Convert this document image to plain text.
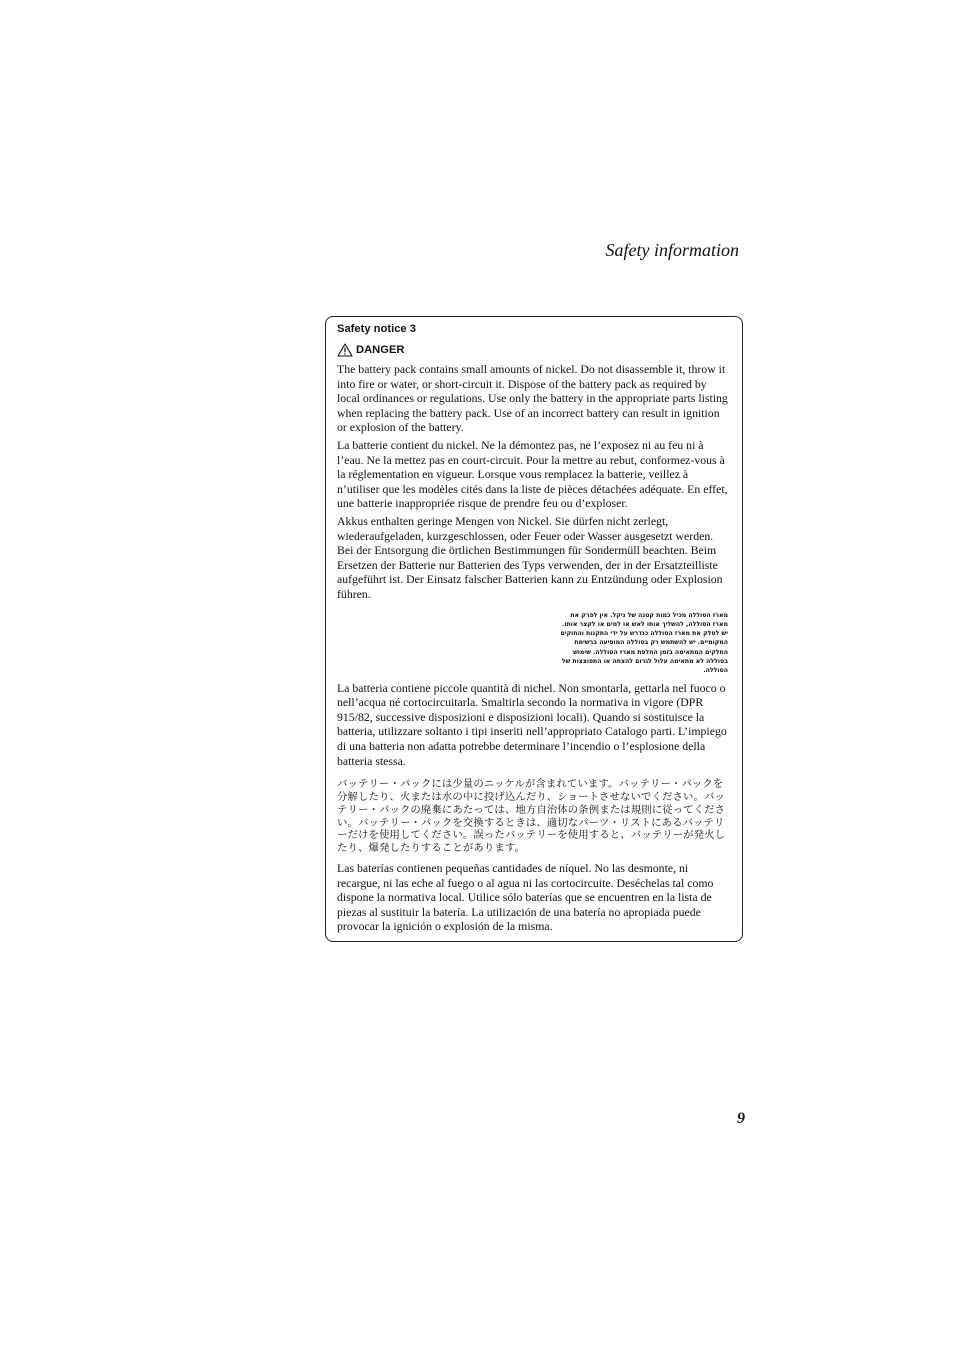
Safety information
Safety notice 3
DANGER

The battery pack contains small amounts of nickel. Do not disassemble it, throw it into fire or water, or short-circuit it. Dispose of the battery pack as required by local ordinances or regulations. Use only the battery in the appropriate parts listing when replacing the battery pack. Use of an incorrect battery can result in ignition or explosion of the battery.

La batterie contient du nickel. Ne la démontez pas, ne l’exposez ni au feu ni à l’eau. Ne la mettez pas en court-circuit. Pour la mettre au rebut, conformez-vous à la réglementation en vigueur. Lorsque vous remplacez la batterie, veillez à n’utiliser que les modèles cités dans la liste de pièces détachées adéquate. En effet, une batterie inappropriée risque de prendre feu ou d’exploser.

Akkus enthalten geringe Mengen von Nickel. Sie dürfen nicht zerlegt, wiederaufgeladen, kurzgeschlossen, oder Feuer oder Wasser ausgesetzt werden. Bei der Entsorgung die örtlichen Bestimmungen für Sondermüll beachten. Beim Ersetzen der Batterie nur Batterien des Typs verwenden, der in der Ersatzteilliste aufgeführt ist. Der Einsatz falscher Batterien kann zu Entzündung oder Explosion führen.

מארז הסוללה מכיל כמות קטנה של ניקל. אין לפרק את מארז הסוללה, להשליך אותו לאש או למים או לקצר אותו. יש לסלק את מארז הסוללה כנדרש על ידי התקנות והחוקים המקומיים. יש להשתמש רק בסוללה המופיעה ברשימת החלקים המתאימה בזמן החלפת מארז הסוללה. שימוש בסוללה לא מתאימה עלול לגרום להצתה או התפוצצות של הסוללה.

La batteria contiene piccole quantità di nichel. Non smontarla, gettarla nel fuoco o nell’acqua né cortocircuitarla. Smaltirla secondo la normativa in vigore (DPR 915/82, successive disposizioni e disposizioni locali). Quando si sostituisce la batteria, utilizzare soltanto i tipi inseriti nell’appropriato Catalogo parti. L’impiego di una batteria non adatta potrebbe determinare l’incendio o l’esplosione della batteria stessa.

バッテリー・パックには少量のニッケルが含まれています。バッテリー・パックを分解したり、火または水の中に投げ込んだり、ショートさせないでください。バッテリー・パックの廃棄にあたっては、地方自治体の条例または規則に従ってください。バッテリー・パックを交換するときは、適切なパーツ・リストにあるバッテリーだけを使用してください。誤ったバッテリーを使用すると、バッテリーが発火したり、爆発したりすることがあります。

Las baterías contienen pequeñas cantidades de níquel. No las desmonte, ni recargue, ni las eche al fuego o al agua ni las cortocircuite. Deséchelas tal como dispone la normativa local. Utilice sólo baterías que se encuentren en la lista de piezas al sustituir la batería. La utilización de una batería no apropiada puede provocar la ignición o explosión de la misma.

9
